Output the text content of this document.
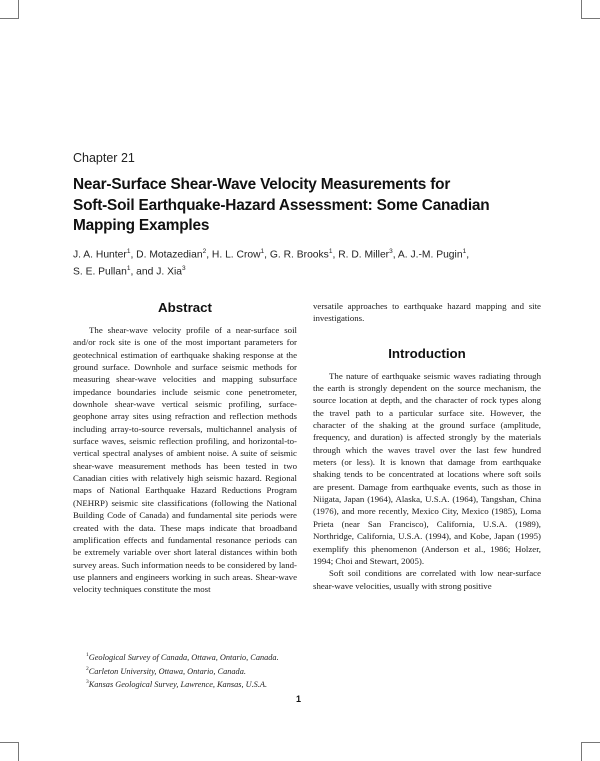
Chapter 21
Near-Surface Shear-Wave Velocity Measurements for
Soft-Soil Earthquake-Hazard Assessment: Some Canadian
Mapping Examples
J. A. Hunter$^1$, D. Motazedian$^2$, H. L. Crow$^1$, G. R. Brooks$^1$, R. D. Miller$^3$, A. J.-M. Pugin$^1$,
S. E. Pullan$^1$, and J. Xia$^3$
Abstract

The shear-wave velocity profile of a near-surface soil and/or rock site is one of the most important parameters for geotechnical estimation of earthquake shaking response at the ground surface. Downhole and surface seismic methods for measuring shear-wave velocities and mapping subsurface impedance boundaries include seismic cone penetrometer, downhole shear-wave vertical seismic profiling, surface-geophone array sites using refraction and reflection methods including array-to-source reversals, multichannel analysis of surface waves, seismic reflection profiling, and horizontal-to-vertical spectral analyses of ambient noise. A suite of seismic shear-wave measurement methods has been tested in two Canadian cities with relatively high seismic hazard. Regional maps of National Earthquake Hazard Reductions Program (NEHRP) seismic site classifications (following the National Building Code of Canada) and fundamental site periods were created with the data. These maps indicate that broadband amplification effects and fundamental resonance periods can be extremely variable over short lateral distances within both survey areas. Such information needs to be considered by land-use planners and engineers working in such areas. Shear-wave velocity techniques constitute the most

versatile approaches to earthquake hazard mapping and site investigations.

Introduction

The nature of earthquake seismic waves radiating through the earth is strongly dependent on the source mechanism, the source location at depth, and the character of rock types along the travel path to a particular surface site. However, the character of the shaking at the ground surface (amplitude, frequency, and duration) is affected strongly by the materials through which the waves travel over the last few hundred meters (or less). It is known that damage from earthquake shaking tends to be concentrated at locations where soft soils are present. Damage from earthquake events, such as those in Niigata, Japan (1964), Alaska, U.S.A. (1964), Tangshan, China (1976), and more recently, Mexico City, Mexico (1985), Loma Prieta (near San Francisco), California, U.S.A. (1989), Northridge, California, U.S.A. (1994), and Kobe, Japan (1995) exemplify this phenomenon (Anderson et al., 1986; Holzer, 1994; Choi and Stewart, 2005).

Soft soil conditions are correlated with low near-surface shear-wave velocities, usually with strong positive

$^1$Geological Survey of Canada, Ottawa, Ontario, Canada.
$^2$Carleton University, Ottawa, Ontario, Canada.
$^3$Kansas Geological Survey, Lawrence, Kansas, U.S.A.
1
